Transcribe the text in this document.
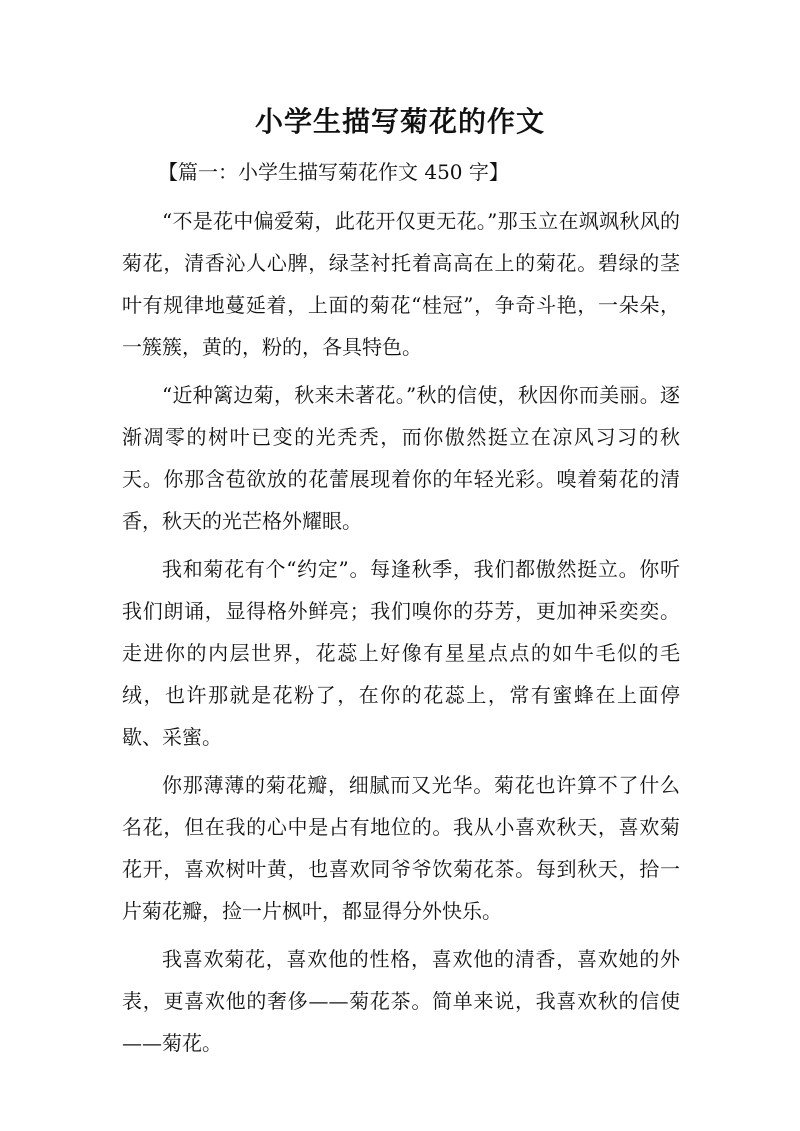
小学生描写菊花的作文
【篇一：小学生描写菊花作文 450 字】

“不是花中偏爱菊，此花开仅更无花。”那玉立在飒飒秋风的菊花，清香沁人心脾，绿茎衬托着高高在上的菊花。碧绿的茎叶有规律地蔓延着，上面的菊花“桂冠”，争奇斗艳，一朵朵，一簇簇，黄的，粉的，各具特色。

“近种篱边菊，秋来未著花。”秋的信使，秋因你而美丽。逐渐凋零的树叶已变的光秃秃，而你傲然挺立在凉风习习的秋天。你那含苞欲放的花蕾展现着你的年轻光彩。嗅着菊花的清香，秋天的光芒格外耀眼。

我和菊花有个“约定”。每逢秋季，我们都傲然挺立。你听我们朗诵，显得格外鲜亮；我们嗅你的芬芳，更加神采奕奕。走进你的内层世界，花蕊上好像有星星点点的如牛毛似的毛绒，也许那就是花粉了，在你的花蕊上，常有蜜蜂在上面停歇、采蜜。

你那薄薄的菊花瓣，细腻而又光华。菊花也许算不了什么名花，但在我的心中是占有地位的。我从小喜欢秋天，喜欢菊花开，喜欢树叶黄，也喜欢同爷爷饮菊花茶。每到秋天，拾一片菊花瓣，捡一片枫叶，都显得分外快乐。

我喜欢菊花，喜欢他的性格，喜欢他的清香，喜欢她的外表，更喜欢他的奢侈——菊花茶。简单来说，我喜欢秋的信使——菊花。
